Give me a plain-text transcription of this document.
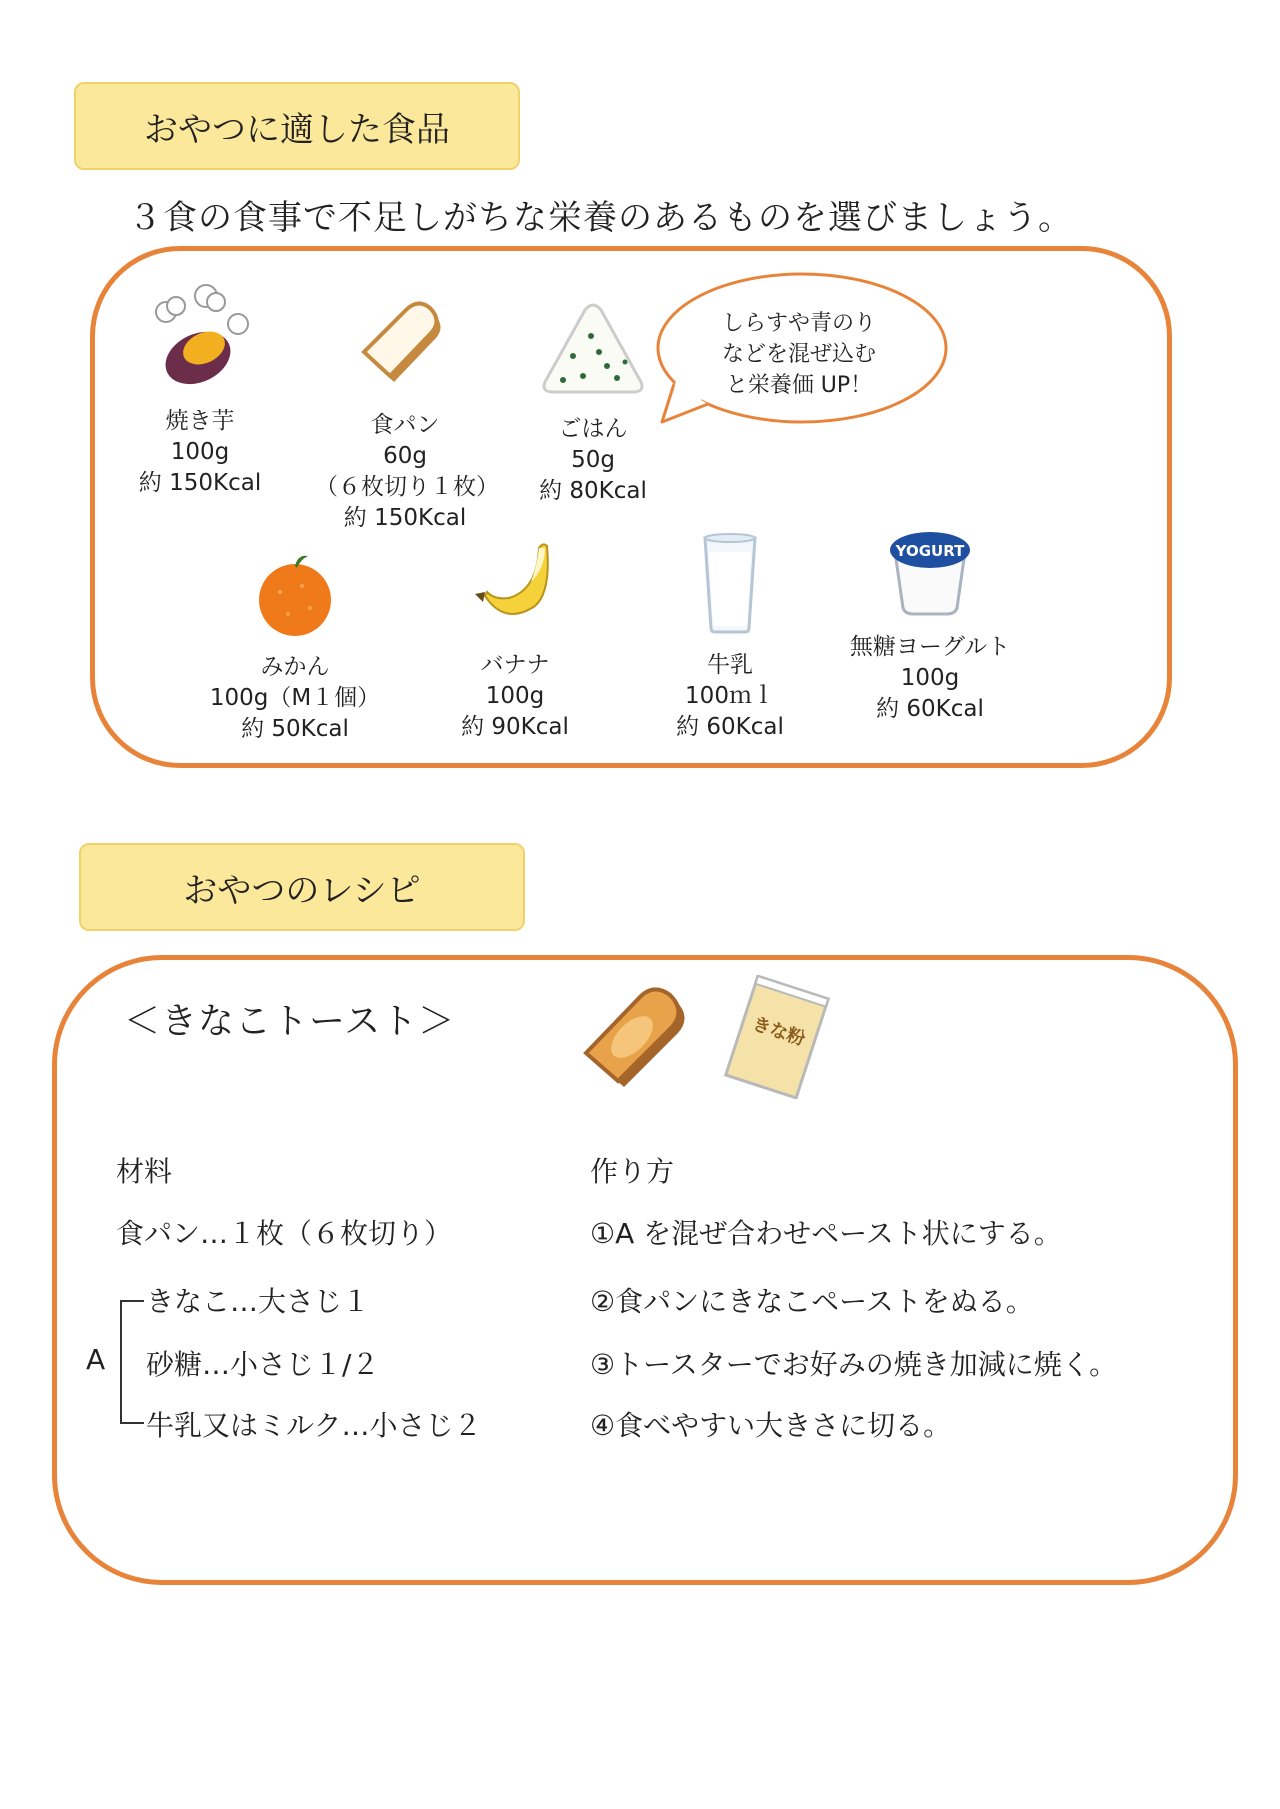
おやつに適した食品
３食の食事で不足しがちな栄養のあるものを選びましょう。
焼き芋
100g
約 150Kcal
食パン
60g
（６枚切り１枚）
約 150Kcal
ごはん
50g
約 80Kcal
しらすや青のり
などを混ぜ込む
と栄養価 UP！
みかん
100g（M１個）
約 50Kcal
バナナ
100g
約 90Kcal
牛乳
100ｍｌ
約 60Kcal
YOGURT
無糖ヨーグルト
100g
約 60Kcal
おやつのレシピ
＜きなこトースト＞	きな粉
材料
食パン…１枚（６枚切り）
A
きなこ…大さじ１
砂糖…小さじ１/２
牛乳又はミルク…小さじ２
作り方
①A を混ぜ合わせペースト状にする。
②食パンにきなこペーストをぬる。
③トースターでお好みの焼き加減に焼く。
④食べやすい大きさに切る。
